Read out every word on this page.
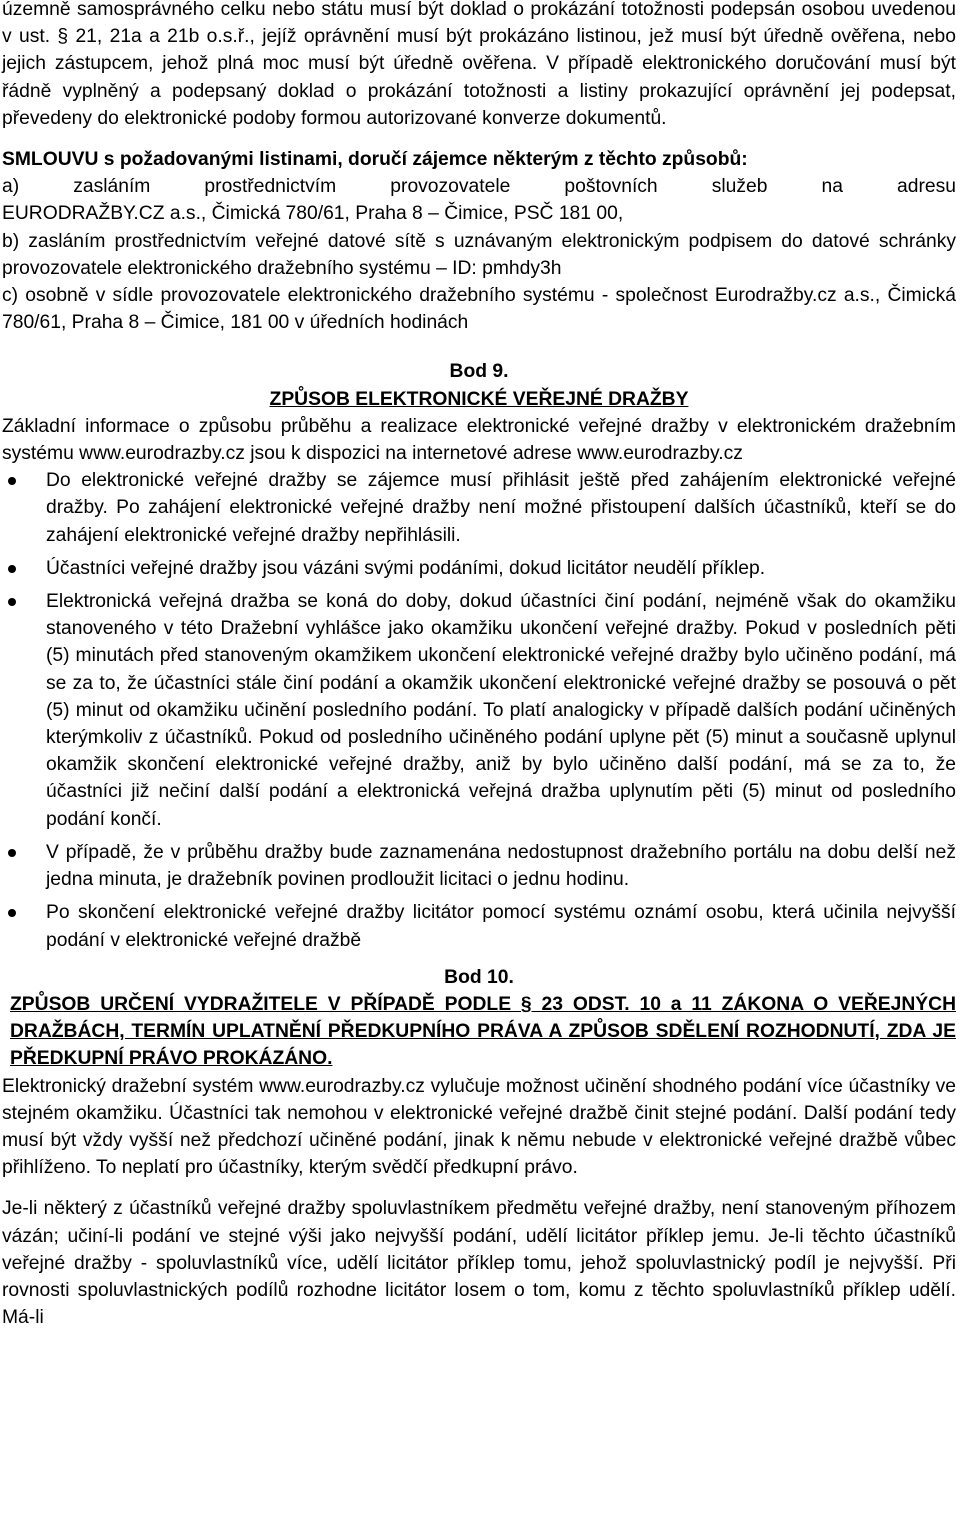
územně samosprávného celku nebo státu musí být doklad o prokázání totožnosti podepsán osobou uvedenou v ust. § 21, 21a a 21b o.s.ř., jejíž oprávnění musí být prokázáno listinou, jež musí být úředně ověřena, nebo jejich zástupcem, jehož plná moc musí být úředně ověřena. V případě elektronického doručování musí být řádně vyplněný a podepsaný doklad o prokázání totožnosti a listiny prokazující oprávnění jej podepsat, převedeny do elektronické podoby formou autorizované konverze dokumentů.

SMLOUVU s požadovanými listinami, doručí zájemce některým z těchto způsobů:

a) zasláním prostřednictvím provozovatele poštovních služeb na adresu

EURODRAŽBY.CZ a.s., Čimická 780/61, Praha 8 – Čimice, PSČ 181 00,

b) zasláním prostřednictvím veřejné datové sítě s uznávaným elektronickým podpisem do datové schránky provozovatele elektronického dražebního systému – ID: pmhdy3h

c) osobně v sídle provozovatele elektronického dražebního systému - společnost Eurodražby.cz a.s., Čimická 780/61, Praha 8 – Čimice, 181 00 v úředních hodinách

Bod 9.

ZPŮSOB ELEKTRONICKÉ VEŘEJNÉ DRAŽBY

Základní informace o způsobu průběhu a realizace elektronické veřejné dražby v elektronickém dražebním systému www.eurodrazby.cz jsou k dispozici na internetové adrese www.eurodrazby.cz

Do elektronické veřejné dražby se zájemce musí přihlásit ještě před zahájením elektronické veřejné dražby. Po zahájení elektronické veřejné dražby není možné přistoupení dalších účastníků, kteří se do zahájení elektronické veřejné dražby nepřihlásili.
Účastníci veřejné dražby jsou vázáni svými podáními, dokud licitátor neudělí příklep.
Elektronická veřejná dražba se koná do doby, dokud účastníci činí podání, nejméně však do okamžiku stanoveného v této Dražební vyhlášce jako okamžiku ukončení veřejné dražby. Pokud v posledních pěti (5) minutách před stanoveným okamžikem ukončení elektronické veřejné dražby bylo učiněno podání, má se za to, že účastníci stále činí podání a okamžik ukončení elektronické veřejné dražby se posouvá o pět (5) minut od okamžiku učinění posledního podání. To platí analogicky v případě dalších podání učiněných kterýmkoliv z účastníků. Pokud od posledního učiněného podání uplyne pět (5) minut a současně uplynul okamžik skončení elektronické veřejné dražby, aniž by bylo učiněno další podání, má se za to, že účastníci již nečiní další podání a elektronická veřejná dražba uplynutím pěti (5) minut od posledního podání končí.
V případě, že v průběhu dražby bude zaznamenána nedostupnost dražebního portálu na dobu delší než jedna minuta, je dražebník povinen prodloužit licitaci o jednu hodinu.
Po skončení elektronické veřejné dražby licitátor pomocí systému oznámí osobu, která učinila nejvyšší podání v elektronické veřejné dražbě

Bod 10.

ZPŮSOB URČENÍ VYDRAŽITELE V PŘÍPADĚ PODLE § 23 ODST. 10 a 11 ZÁKONA O VEŘEJNÝCH DRAŽBÁCH, TERMÍN UPLATNĚNÍ PŘEDKUPNÍHO PRÁVA A ZPŮSOB SDĚLENÍ ROZHODNUTÍ, ZDA JE PŘEDKUPNÍ PRÁVO PROKÁZÁNO.

Elektronický dražební systém www.eurodrazby.cz vylučuje možnost učinění shodného podání více účastníky ve stejném okamžiku. Účastníci tak nemohou v elektronické veřejné dražbě činit stejné podání. Další podání tedy musí být vždy vyšší než předchozí učiněné podání, jinak k němu nebude v elektronické veřejné dražbě vůbec přihlíženo. To neplatí pro účastníky, kterým svědčí předkupní právo.

Je-li některý z účastníků veřejné dražby spoluvlastníkem předmětu veřejné dražby, není stanoveným příhozem vázán; učiní-li podání ve stejné výši jako nejvyšší podání, udělí licitátor příklep jemu. Je-li těchto účastníků veřejné dražby - spoluvlastníků více, udělí licitátor příklep tomu, jehož spoluvlastnický podíl je nejvyšší. Při rovnosti spoluvlastnických podílů rozhodne licitátor losem o tom, komu z těchto spoluvlastníků příklep udělí. Má-li
